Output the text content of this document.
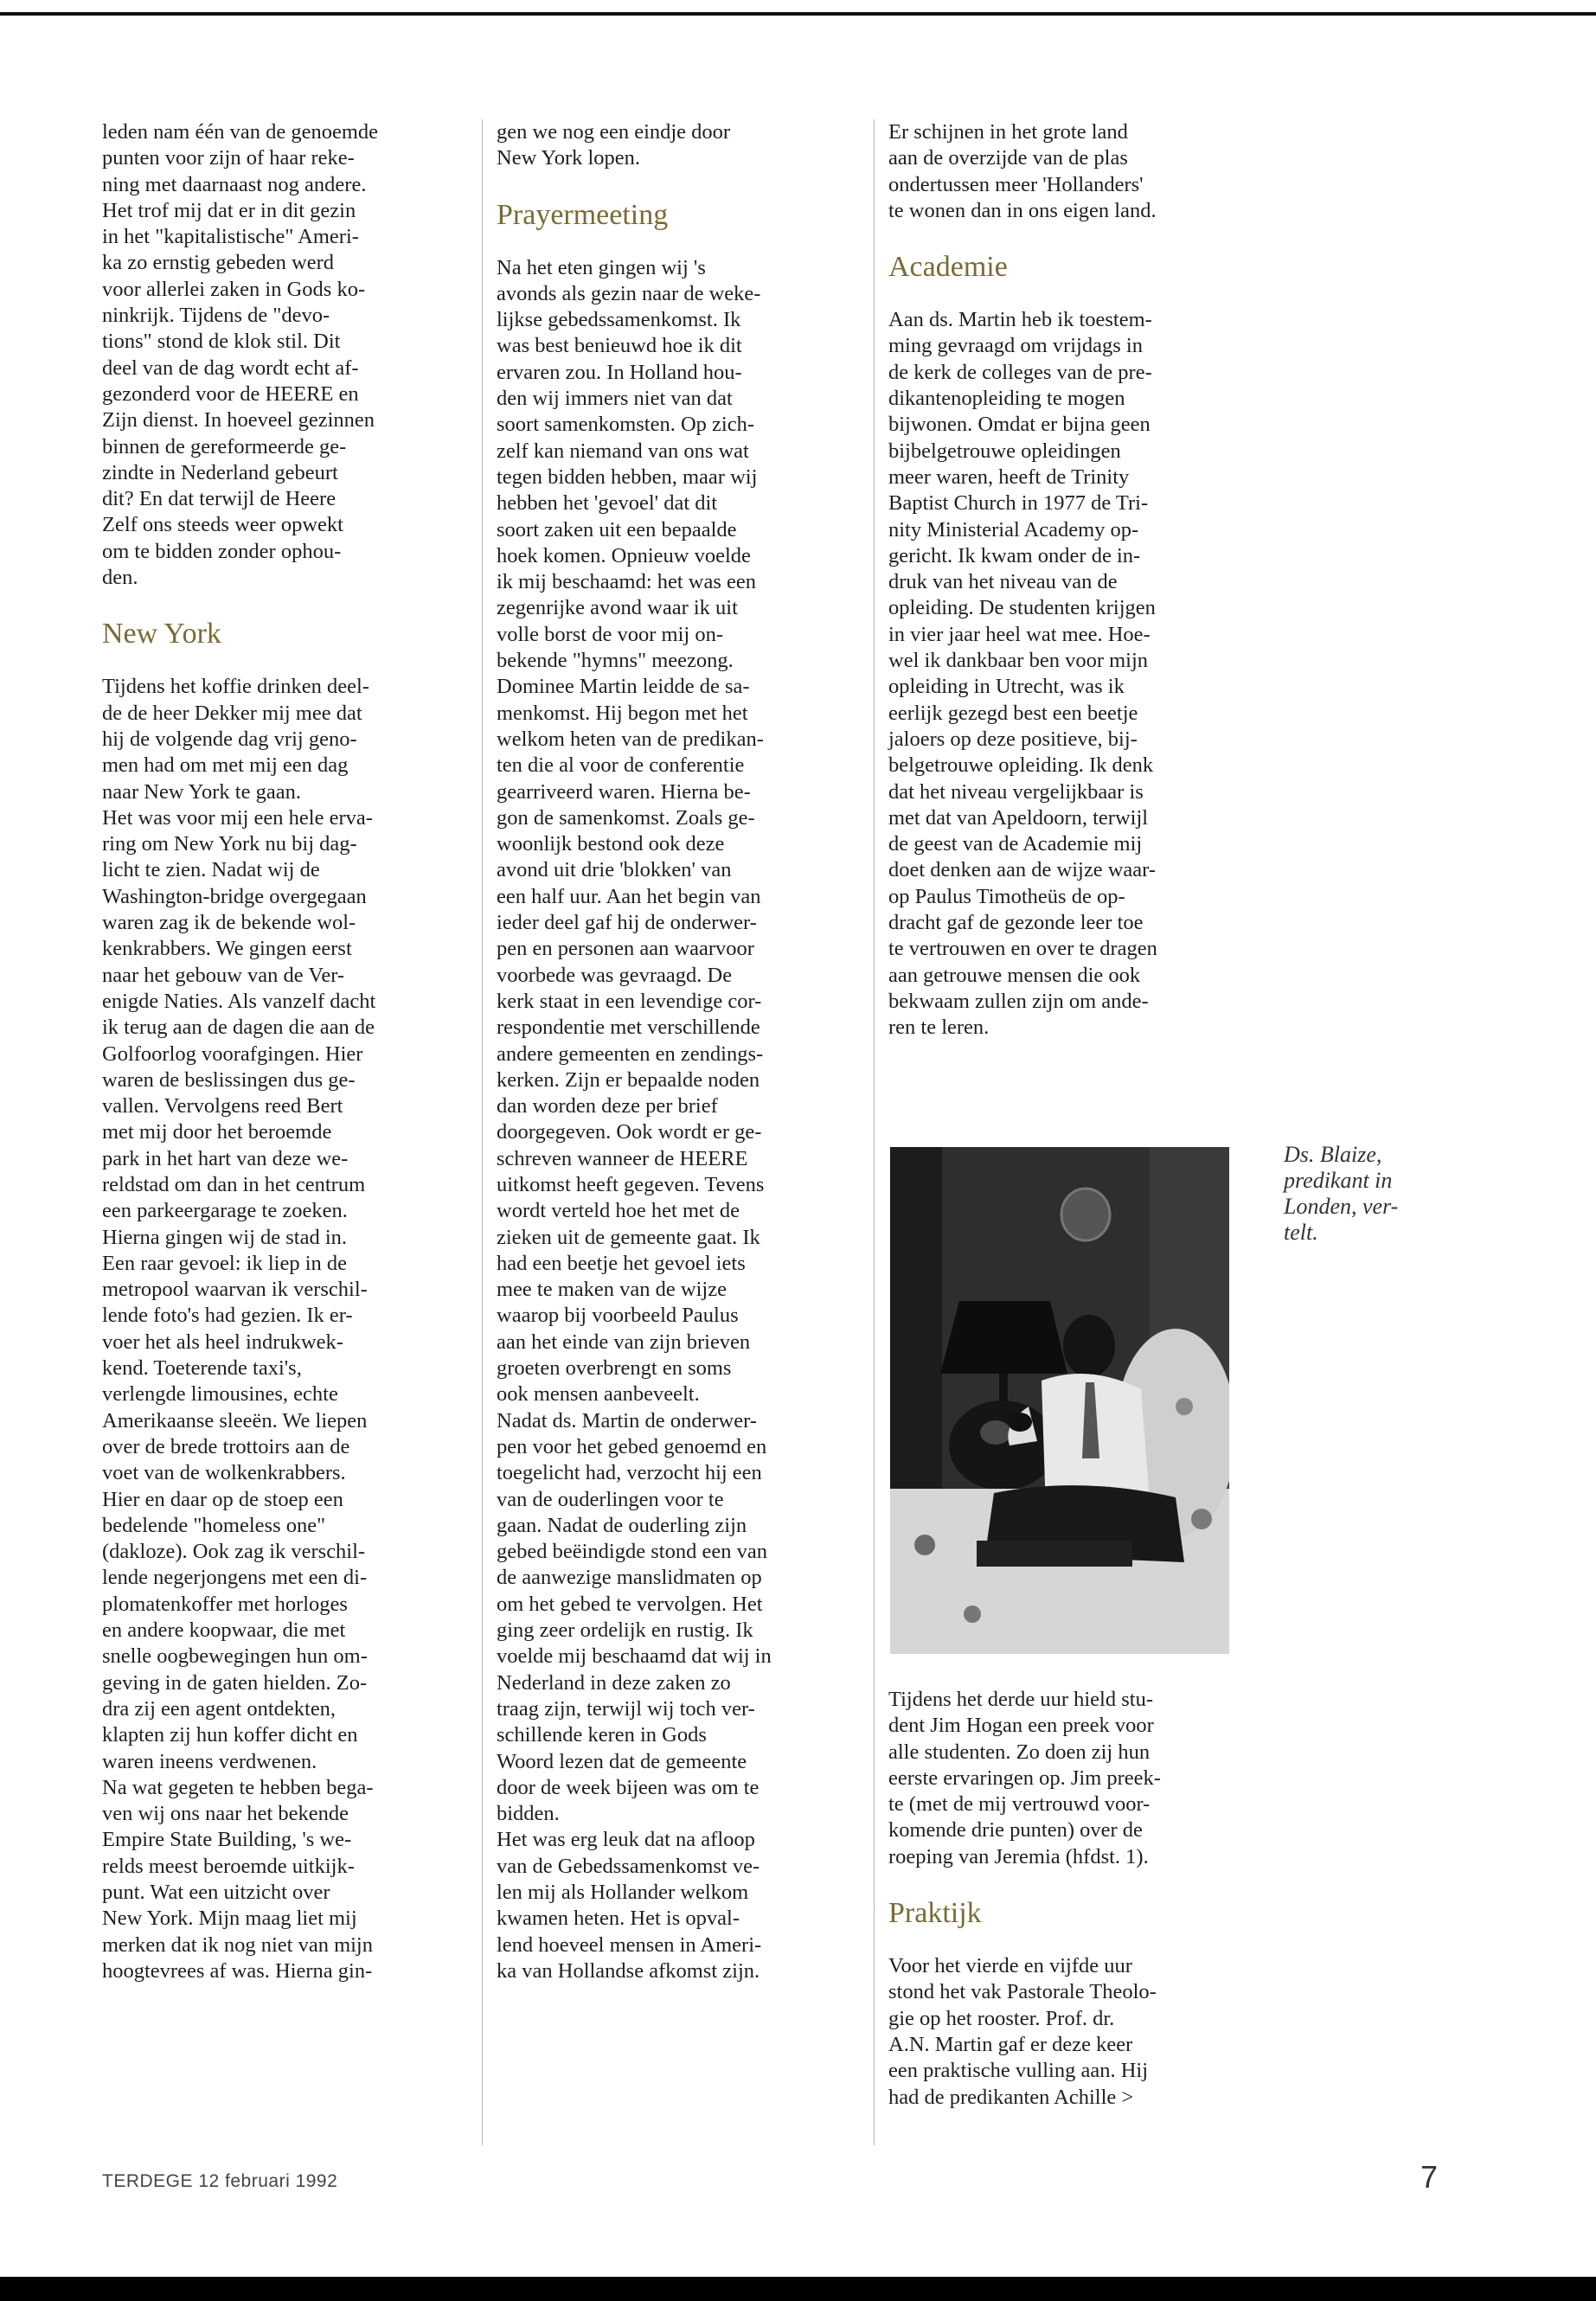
leden nam één van de genoemde

punten voor zijn of haar reke-

ning met daarnaast nog andere.

Het trof mij dat er in dit gezin

in het "kapitalistische" Ameri-

ka zo ernstig gebeden werd

voor allerlei zaken in Gods ko-

ninkrijk. Tijdens de "devo-

tions" stond de klok stil. Dit

deel van de dag wordt echt af-

gezonderd voor de HEERE en

Zijn dienst. In hoeveel gezinnen

binnen de gereformeerde ge-

zindte in Nederland gebeurt

dit? En dat terwijl de Heere

Zelf ons steeds weer opwekt

om te bidden zonder ophou-

den.

New York

Tijdens het koffie drinken deel-

de de heer Dekker mij mee dat

hij de volgende dag vrij geno-

men had om met mij een dag

naar New York te gaan.

Het was voor mij een hele erva-

ring om New York nu bij dag-

licht te zien. Nadat wij de

Washington-bridge overgegaan

waren zag ik de bekende wol-

kenkrabbers. We gingen eerst

naar het gebouw van de Ver-

enigde Naties. Als vanzelf dacht

ik terug aan de dagen die aan de

Golfoorlog voorafgingen. Hier

waren de beslissingen dus ge-

vallen. Vervolgens reed Bert

met mij door het beroemde

park in het hart van deze we-

reldstad om dan in het centrum

een parkeergarage te zoeken.

Hierna gingen wij de stad in.

Een raar gevoel: ik liep in de

metropool waarvan ik verschil-

lende foto's had gezien. Ik er-

voer het als heel indrukwek-

kend. Toeterende taxi's,

verlengde limousines, echte

Amerikaanse sleeën. We liepen

over de brede trottoirs aan de

voet van de wolkenkrabbers.

Hier en daar op de stoep een

bedelende "homeless one"

(dakloze). Ook zag ik verschil-

lende negerjongens met een di-

plomatenkoffer met horloges

en andere koopwaar, die met

snelle oogbewegingen hun om-

geving in de gaten hielden. Zo-

dra zij een agent ontdekten,

klapten zij hun koffer dicht en

waren ineens verdwenen.

Na wat gegeten te hebben bega-

ven wij ons naar het bekende

Empire State Building, 's we-

relds meest beroemde uitkijk-

punt. Wat een uitzicht over

New York. Mijn maag liet mij

merken dat ik nog niet van mijn

hoogtevrees af was. Hierna gin-

gen we nog een eindje door

New York lopen.

Prayermeeting

Na het eten gingen wij 's

avonds als gezin naar de weke-

lijkse gebedssamenkomst. Ik

was best benieuwd hoe ik dit

ervaren zou. In Holland hou-

den wij immers niet van dat

soort samenkomsten. Op zich-

zelf kan niemand van ons wat

tegen bidden hebben, maar wij

hebben het 'gevoel' dat dit

soort zaken uit een bepaalde

hoek komen. Opnieuw voelde

ik mij beschaamd: het was een

zegenrijke avond waar ik uit

volle borst de voor mij on-

bekende "hymns" meezong.

Dominee Martin leidde de sa-

menkomst. Hij begon met het

welkom heten van de predikan-

ten die al voor de conferentie

gearriveerd waren. Hierna be-

gon de samenkomst. Zoals ge-

woonlijk bestond ook deze

avond uit drie 'blokken' van

een half uur. Aan het begin van

ieder deel gaf hij de onderwer-

pen en personen aan waarvoor

voorbede was gevraagd. De

kerk staat in een levendige cor-

respondentie met verschillende

andere gemeenten en zendings-

kerken. Zijn er bepaalde noden

dan worden deze per brief

doorgegeven. Ook wordt er ge-

schreven wanneer de HEERE

uitkomst heeft gegeven. Tevens

wordt verteld hoe het met de

zieken uit de gemeente gaat. Ik

had een beetje het gevoel iets

mee te maken van de wijze

waarop bij voorbeeld Paulus

aan het einde van zijn brieven

groeten overbrengt en soms

ook mensen aanbeveelt.

Nadat ds. Martin de onderwer-

pen voor het gebed genoemd en

toegelicht had, verzocht hij een

van de ouderlingen voor te

gaan. Nadat de ouderling zijn

gebed beëindigde stond een van

de aanwezige manslidmaten op

om het gebed te vervolgen. Het

ging zeer ordelijk en rustig. Ik

voelde mij beschaamd dat wij in

Nederland in deze zaken zo

traag zijn, terwijl wij toch ver-

schillende keren in Gods

Woord lezen dat de gemeente

door de week bijeen was om te

bidden.

Het was erg leuk dat na afloop

van de Gebedssamenkomst ve-

len mij als Hollander welkom

kwamen heten. Het is opval-

lend hoeveel mensen in Ameri-

ka van Hollandse afkomst zijn.

Er schijnen in het grote land

aan de overzijde van de plas

ondertussen meer 'Hollanders'

te wonen dan in ons eigen land.

Academie

Aan ds. Martin heb ik toestem-

ming gevraagd om vrijdags in

de kerk de colleges van de pre-

dikantenopleiding te mogen

bijwonen. Omdat er bijna geen

bijbelgetrouwe opleidingen

meer waren, heeft de Trinity

Baptist Church in 1977 de Tri-

nity Ministerial Academy op-

gericht. Ik kwam onder de in-

druk van het niveau van de

opleiding. De studenten krijgen

in vier jaar heel wat mee. Hoe-

wel ik dankbaar ben voor mijn

opleiding in Utrecht, was ik

eerlijk gezegd best een beetje

jaloers op deze positieve, bij-

belgetrouwe opleiding. Ik denk

dat het niveau vergelijkbaar is

met dat van Apeldoorn, terwijl

de geest van de Academie mij

doet denken aan de wijze waar-

op Paulus Timotheüs de op-

dracht gaf de gezonde leer toe

te vertrouwen en over te dragen

aan getrouwe mensen die ook

bekwaam zullen zijn om ande-

ren te leren.

Ds. Blaize,

predikant in

Londen, ver-

telt.

Tijdens het derde uur hield stu-

dent Jim Hogan een preek voor

alle studenten. Zo doen zij hun

eerste ervaringen op. Jim preek-

te (met de mij vertrouwd voor-

komende drie punten) over de

roeping van Jeremia (hfdst. 1).

Praktijk

Voor het vierde en vijfde uur

stond het vak Pastorale Theolo-

gie op het rooster. Prof. dr.

A.N. Martin gaf er deze keer

een praktische vulling aan. Hij

had de predikanten Achille >

TERDEGE 12 februari 1992	7
